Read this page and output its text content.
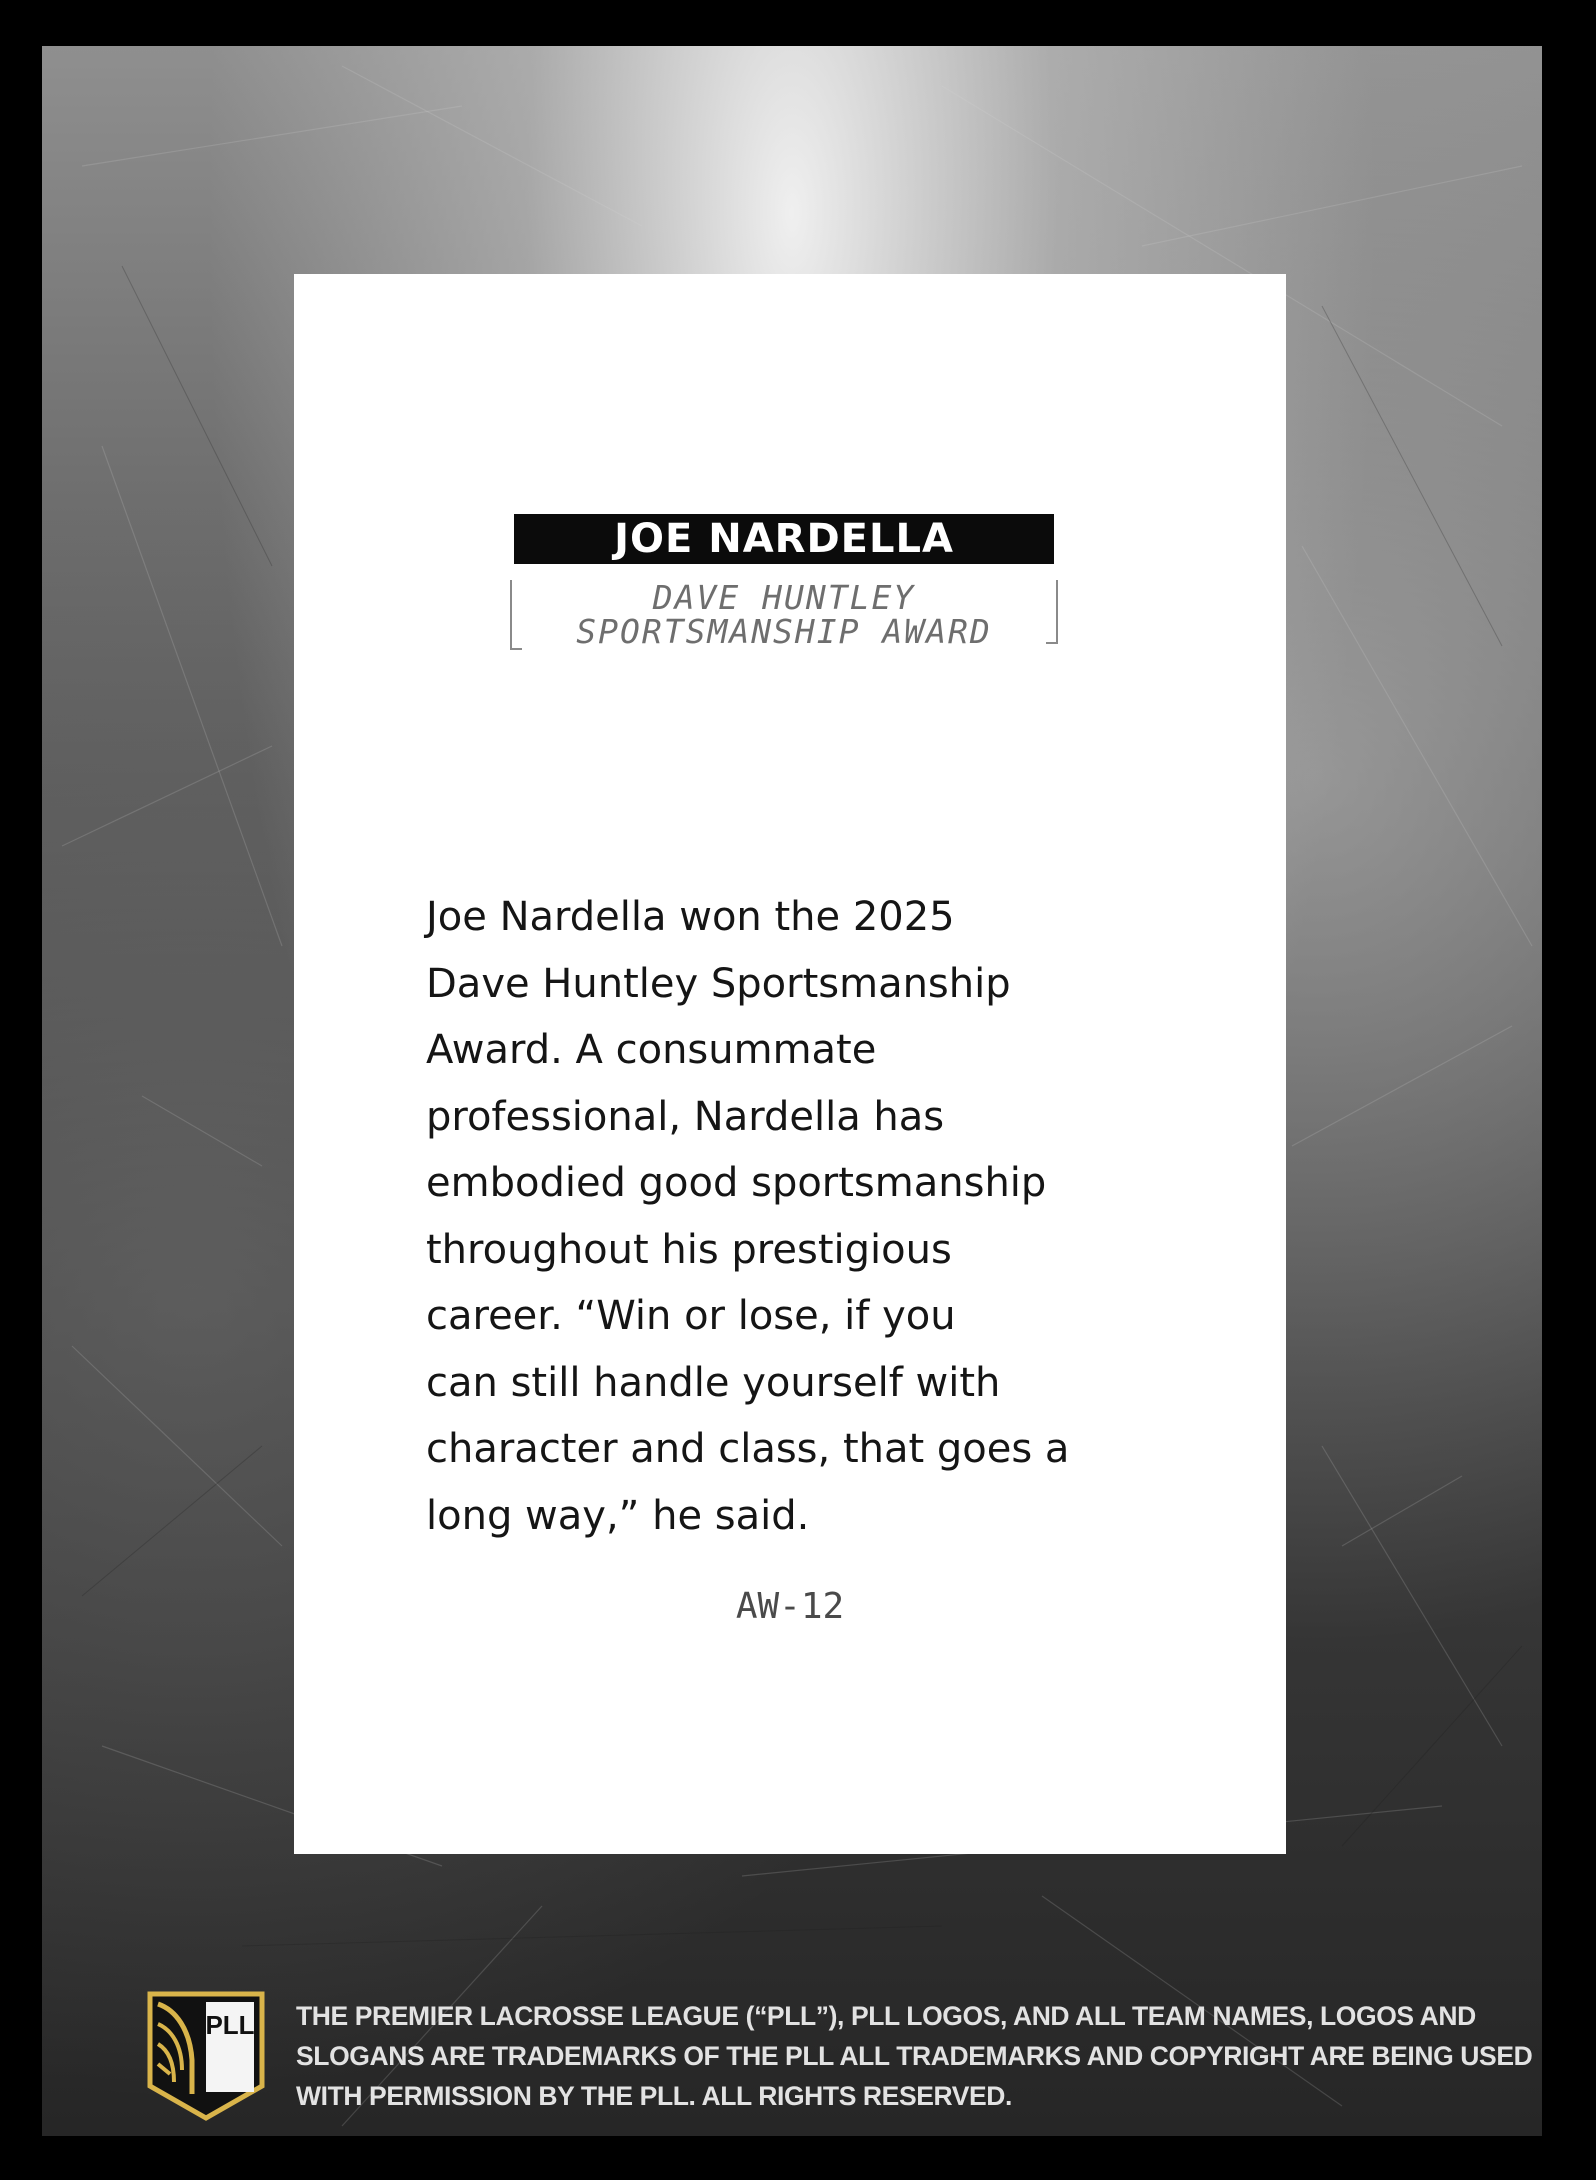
JOE NARDELLA
DAVE HUNTLEY
SPORTSMANSHIP AWARD
Joe Nardella won the 2025
Dave Huntley Sportsmanship
Award. A consummate
professional, Nardella has
embodied good sportsmanship
throughout his prestigious
career. “Win or lose, if you
can still handle yourself with
character and class, that goes a
long way,” he said.
AW-12
PLL THE PREMIER LACROSSE LEAGUE (“PLL”), PLL LOGOS, AND ALL TEAM NAMES, LOGOS AND
SLOGANS ARE TRADEMARKS OF THE PLL ALL TRADEMARKS AND COPYRIGHT ARE BEING USED
WITH PERMISSION BY THE PLL. ALL RIGHTS RESERVED.
